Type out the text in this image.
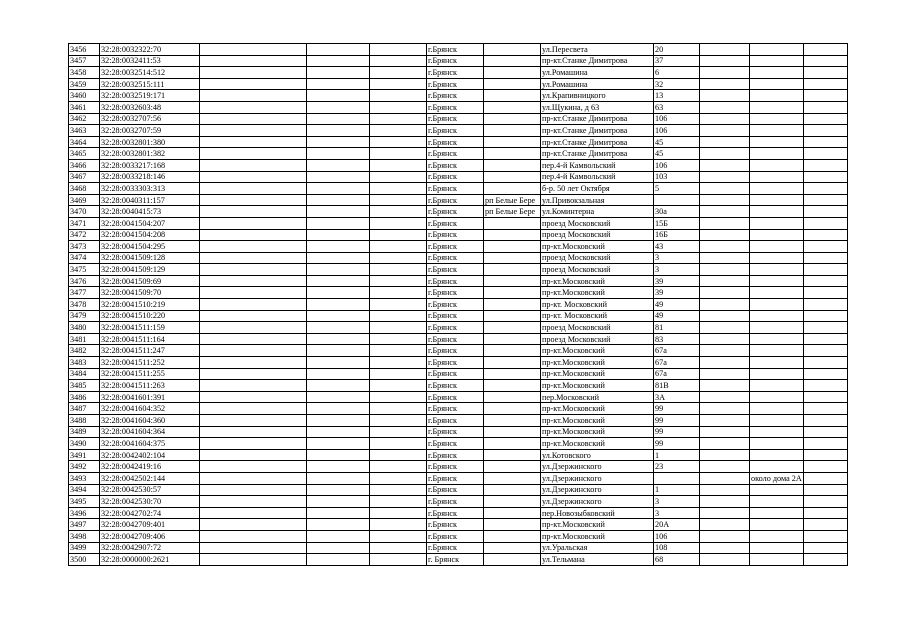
3456	32:28:0032322:70				г.Брянск		ул.Пересвета	20			
3457	32:28:0032411:53				г.Брянск		пр-кт.Станке Димитрова	37			
3458	32:28:0032514:512				г.Брянск		ул.Ромашина	6			
3459	32:28:0032515:111				г.Брянск		ул.Ромашина	32			
3460	32:28:0032519:171				г.Брянск		ул.Крапивницкого	13			
3461	32:28:0032603:48				г.Брянск		ул.Щукина, д 63	63			
3462	32:28:0032707:56				г.Брянск		пр-кт.Станке Димитрова	106			
3463	32:28:0032707:59				г.Брянск		пр-кт.Станке Димитрова	106			
3464	32:28:0032801:380				г.Брянск		пр-кт.Станке Димитрова	45			
3465	32:28:0032801:382				г.Брянск		пр-кт.Станке Димитрова	45			
3466	32:28:0033217:168				г.Брянск		пер.4-й Камвольский	106			
3467	32:28:0033218:146				г.Брянск		пер.4-й Камвольский	103			
3468	32:28:0033303:313				г.Брянск		б-р. 50 лет Октября	5			
3469	32:28:0040311:157				г.Брянск	рп Белые Бере	ул.Привокзальная				
3470	32:28:0040415:73				г.Брянск	рп Белые Бере	ул.Коминтерна	30а			
3471	32:28:0041504:207				г.Брянск		проезд Московский	15Б			
3472	32:28:0041504:208				г.Брянск		проезд Московский	16Б			
3473	32:28:0041504:295				г.Брянск		пр-кт.Московский	43			
3474	32:28:0041509:128				г.Брянск		проезд Московский	3			
3475	32:28:0041509:129				г.Брянск		проезд Московский	3			
3476	32:28:0041509:69				г.Брянск		пр-кт.Московский	39			
3477	32:28:0041509:70				г.Брянск		пр-кт.Московский	39			
3478	32:28:0041510:219				г.Брянск		пр-кт. Московский	49			
3479	32:28:0041510:220				г.Брянск		пр-кт. Московский	49			
3480	32:28:0041511:159				г.Брянск		проезд Московский	81			
3481	32:28:0041511:164				г.Брянск		проезд Московский	83			
3482	32:28:0041511:247				г.Брянск		пр-кт.Московский	67а			
3483	32:28:0041511:252				г.Брянск		пр-кт.Московский	67а			
3484	32:28:0041511:255				г.Брянск		пр-кт.Московский	67а			
3485	32:28:0041511:263				г.Брянск		пр-кт.Московский	81В			
3486	32:28:0041601:391				г.Брянск		пер.Московский	3А			
3487	32:28:0041604:352				г.Брянск		пр-кт.Московский	99			
3488	32:28:0041604:360				г.Брянск		пр-кт.Московский	99			
3489	32:28:0041604:364				г.Брянск		пр-кт.Московский	99			
3490	32:28:0041604:375				г.Брянск		пр-кт.Московский	99			
3491	32:28:0042402:104				г.Брянск		ул.Котовского	1			
3492	32:28:0042419:16				г.Брянск		ул.Дзержинского	23			
3493	32:28:0042502:144				г.Брянск		ул.Дзержинского			около дома 2А	
3494	32:28:0042530:57				г.Брянск		ул.Дзержинского	1			
3495	32:28:0042530:70				г.Брянск		ул.Дзержинского	3			
3496	32:28:0042702:74				г.Брянск		пер.Новозыбковский	3			
3497	32:28:0042709:401				г.Брянск		пр-кт.Московский	20А			
3498	32:28:0042709:406				г.Брянск		пр-кт.Московский	106			
3499	32:28:0042907:72				г.Брянск		ул.Уральская	108			
3500	32:28:0000000:2621				г. Брянск		ул.Тельмана	68			
